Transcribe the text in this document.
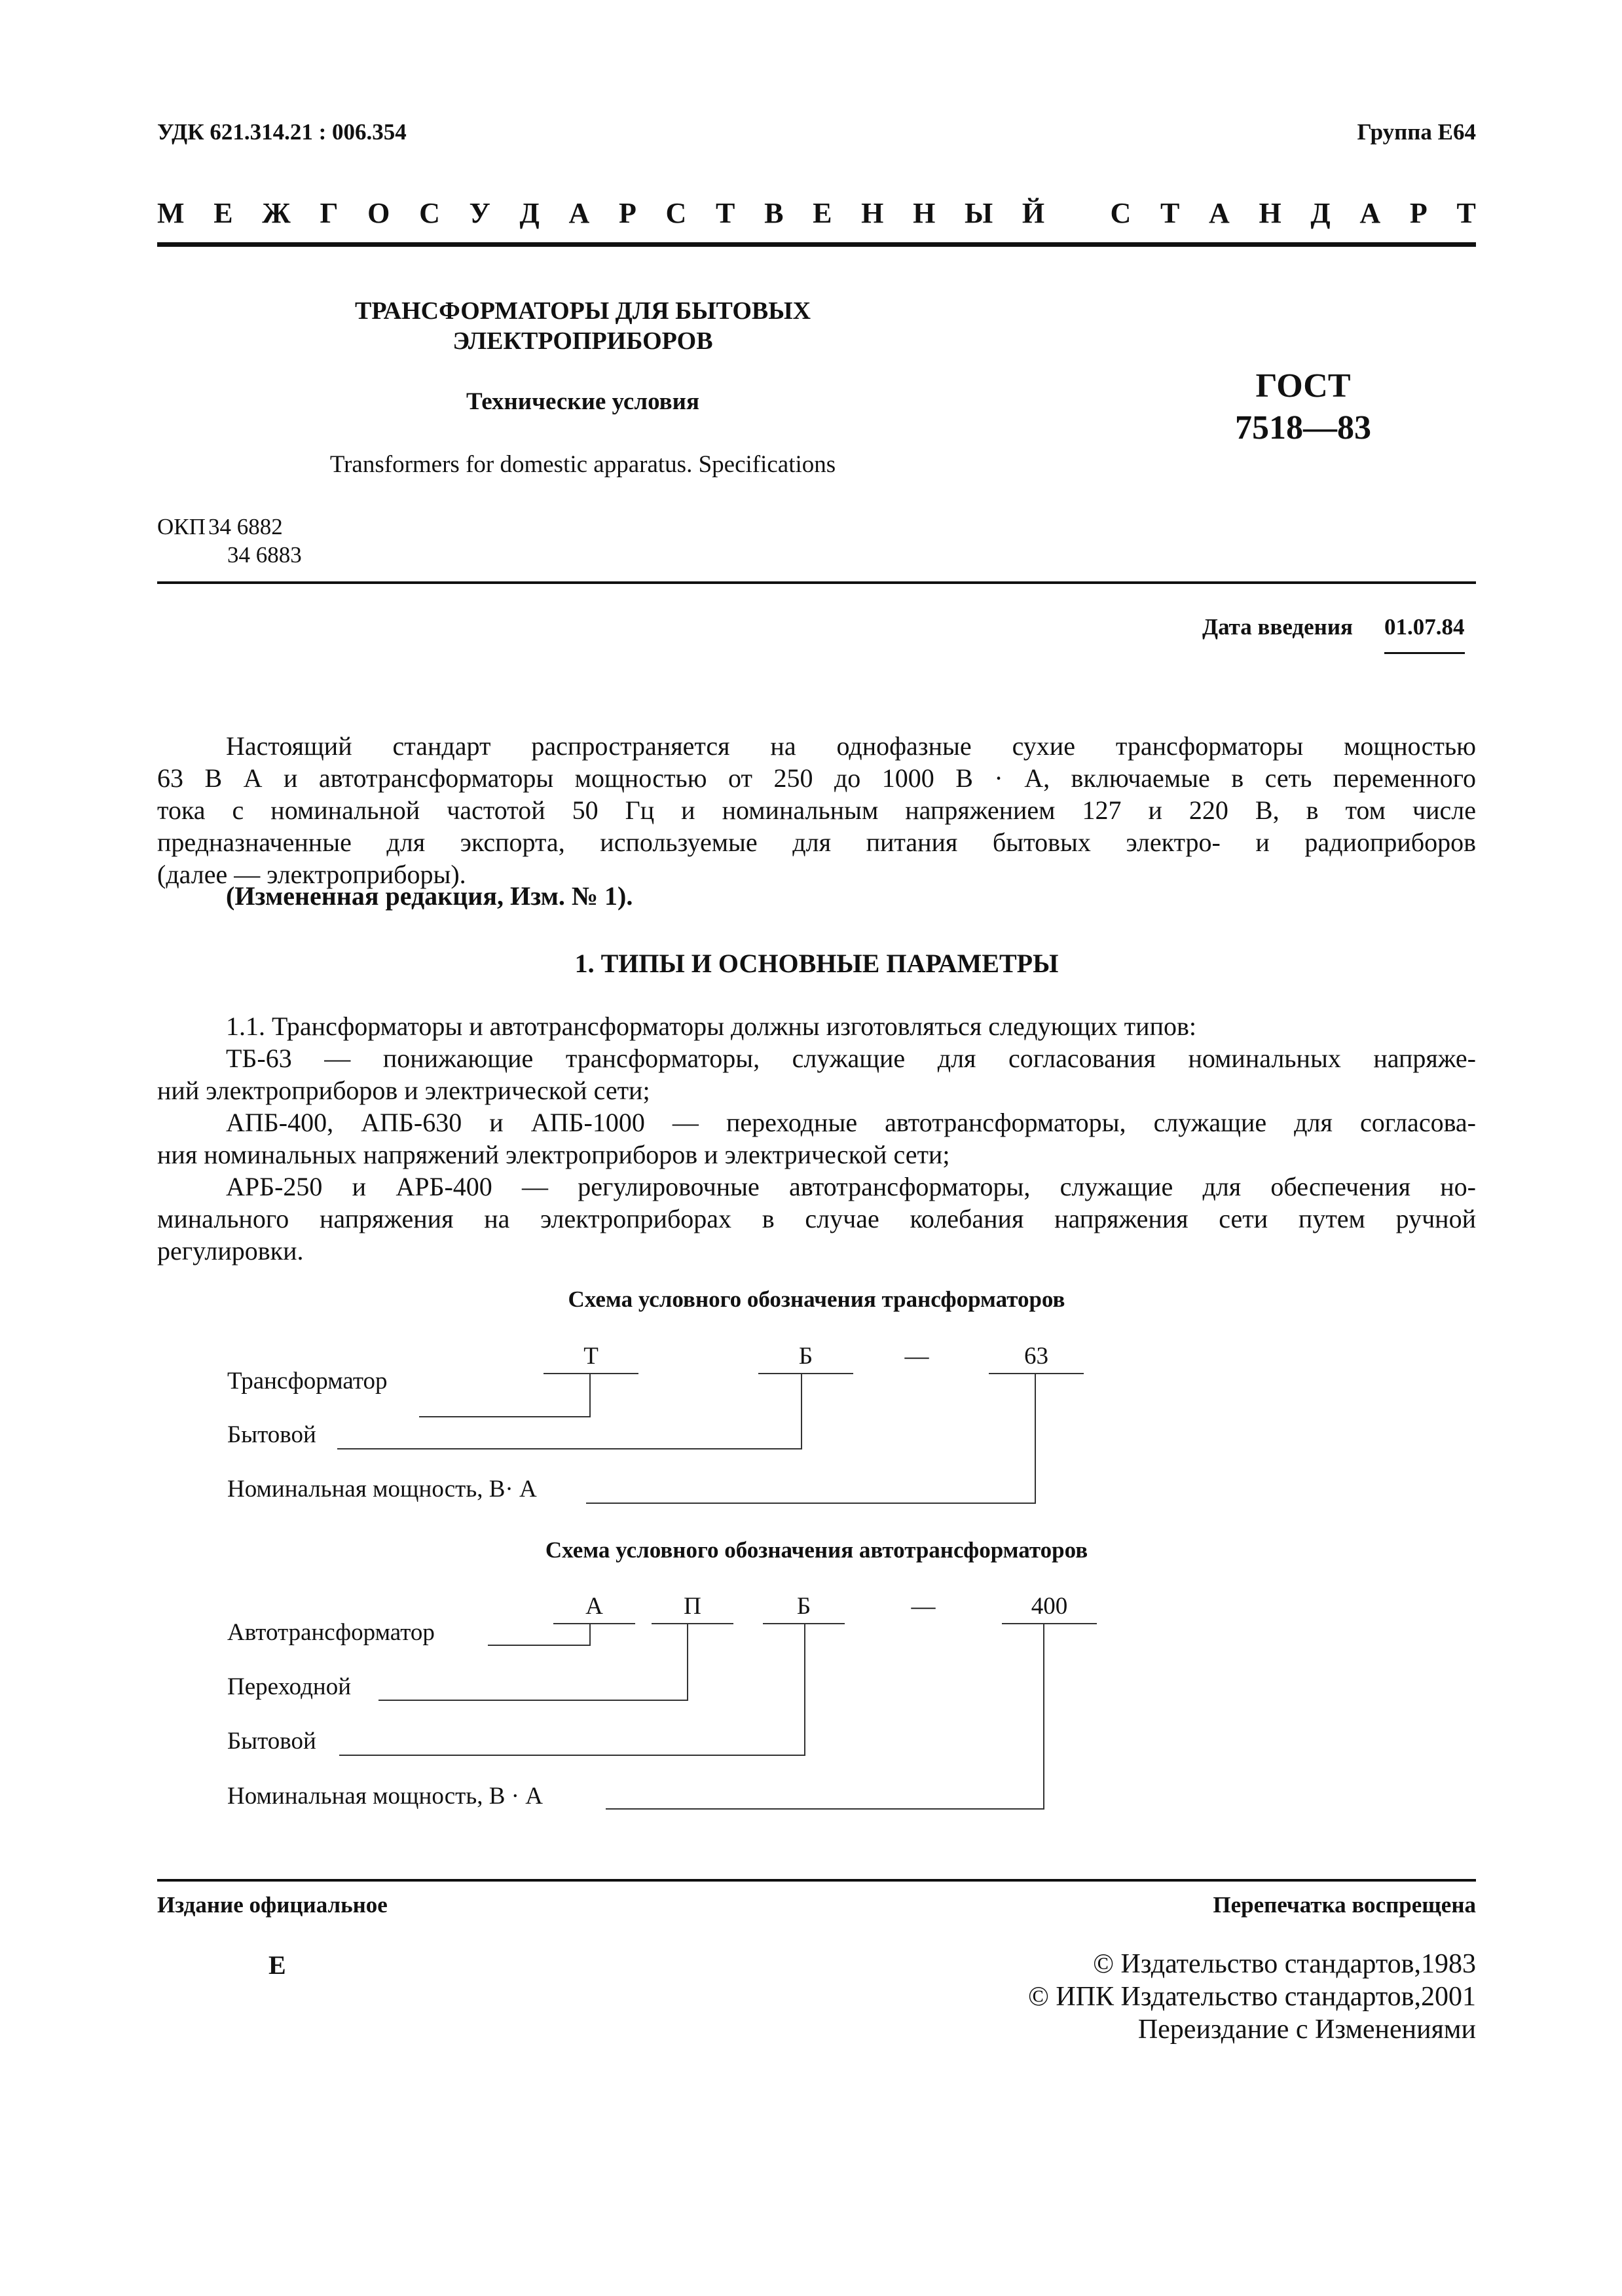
УДК 621.314.21 : 006.354	Группа Е64
М Е Ж Г О С У Д А Р С Т В Е Н Н Ы Й
С Т А Н Д А Р Т
ТРАНСФОРМАТОРЫ ДЛЯ БЫТОВЫХ
ЭЛЕКТРОПРИБОРОВ
Технические условия
Transformers for domestic apparatus. Specifications
ГОСТ
7518—83
ОКП 34 6882
34 6883
Дата введения 01.07.84
Настоящий стандарт распространяется на однофазные сухие трансформаторы мощностью
63 В А и автотрансформаторы мощностью от 250 до 1000 В · А, включаемые в сеть переменного
тока с номинальной частотой 50 Гц и номинальным напряжением 127 и 220 В, в том числе
предназначенные для экспорта, используемые для питания бытовых электро- и радиоприборов
(далее — электроприборы).
(Измененная редакция, Изм. № 1).
1. ТИПЫ И ОСНОВНЫЕ ПАРАМЕТРЫ
1.1. Трансформаторы и автотрансформаторы должны изготовляться следующих типов:
ТБ-63 — понижающие трансформаторы, служащие для согласования номинальных напряже-
ний электроприборов и электрической сети;
АПБ-400, АПБ-630 и АПБ-1000 — переходные автотрансформаторы, служащие для согласова-
ния номинальных напряжений электроприборов и электрической сети;
АРБ-250 и АРБ-400 — регулировочные автотрансформаторы, служащие для обеспечения но-
минального напряжения на электроприборах в случае колебания напряжения сети путем ручной
регулировки.
Схема условного обозначения трансформаторов
Т	Б	—	63
Трансформатор
Бытовой
Номинальная мощность, В· А
Схема условного обозначения автотрансформаторов
А	П	Б	—	400
Автотрансформатор
Переходной
Бытовой
Номинальная мощность, В · А
Издание официальное	Перепечатка воспрещена
Е	© Издательство стандартов,1983
© ИПК Издательство стандартов,2001
Переиздание с Изменениями
